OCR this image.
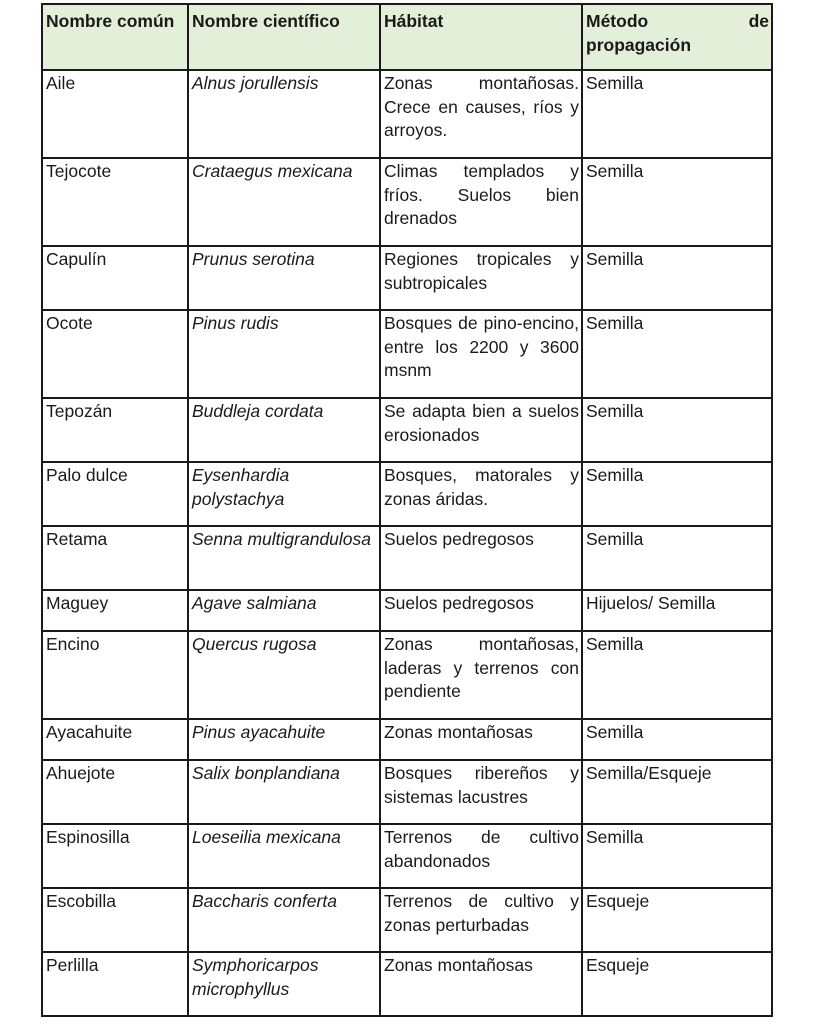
Nombre común	Nombre científico	Hábitat	Método de
propagación

Aile	Alnus jorullensis	Zonas montañosas. Crece en causes, ríos y arroyos.	Semilla
Tejocote	Crataegus mexicana	Climas templados y fríos. Suelos bien drenados	Semilla
Capulín	Prunus serotina	Regiones tropicales y subtropicales	Semilla
Ocote	Pinus rudis	Bosques de pino-encino, entre los 2200 y 3600 msnm	Semilla
Tepozán	Buddleja cordata	Se adapta bien a suelos erosionados	Semilla
Palo dulce	Eysenhardia polystachya	Bosques, matorales y zonas áridas.	Semilla
Retama	Senna multigrandulosa	Suelos pedregosos	Semilla
Maguey	Agave salmiana	Suelos pedregosos	Hijuelos/ Semilla
Encino	Quercus rugosa	Zonas montañosas, laderas y terrenos con pendiente	Semilla
Ayacahuite	Pinus ayacahuite	Zonas montañosas	Semilla
Ahuejote	Salix bonplandiana	Bosques ribereños y sistemas lacustres	Semilla/Esqueje
Espinosilla	Loeseilia mexicana	Terrenos de cultivo abandonados	Semilla
Escobilla	Baccharis conferta	Terrenos de cultivo y zonas perturbadas	Esqueje
Perlilla	Symphoricarpos microphyllus	Zonas montañosas	Esqueje
